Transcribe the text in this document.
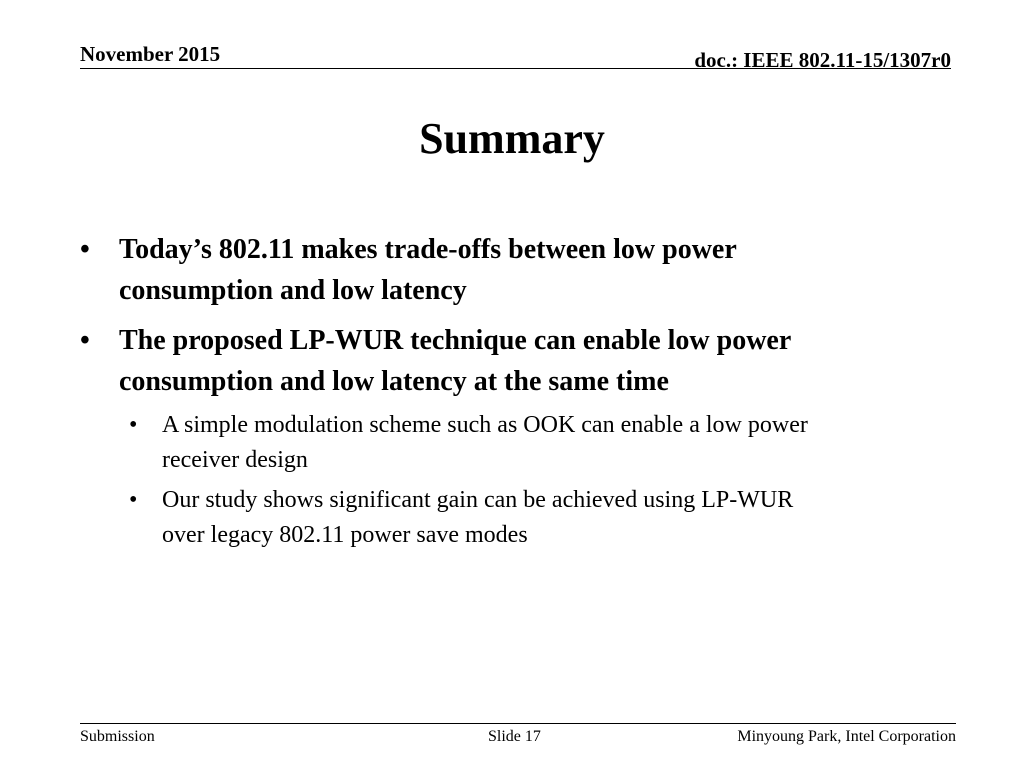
November 2015	doc.: IEEE 802.11-15/1307r0
Summary
•	Today’s 802.11 makes trade-offs between low power
consumption and low latency
•	The proposed LP-WUR technique can enable low power
consumption and low latency at the same time
•	A simple modulation scheme such as OOK can enable a low power
receiver design
•	Our study shows significant gain can be achieved using LP-WUR
over legacy 802.11 power save modes
Submission	Slide 17	Minyoung Park, Intel Corporation
